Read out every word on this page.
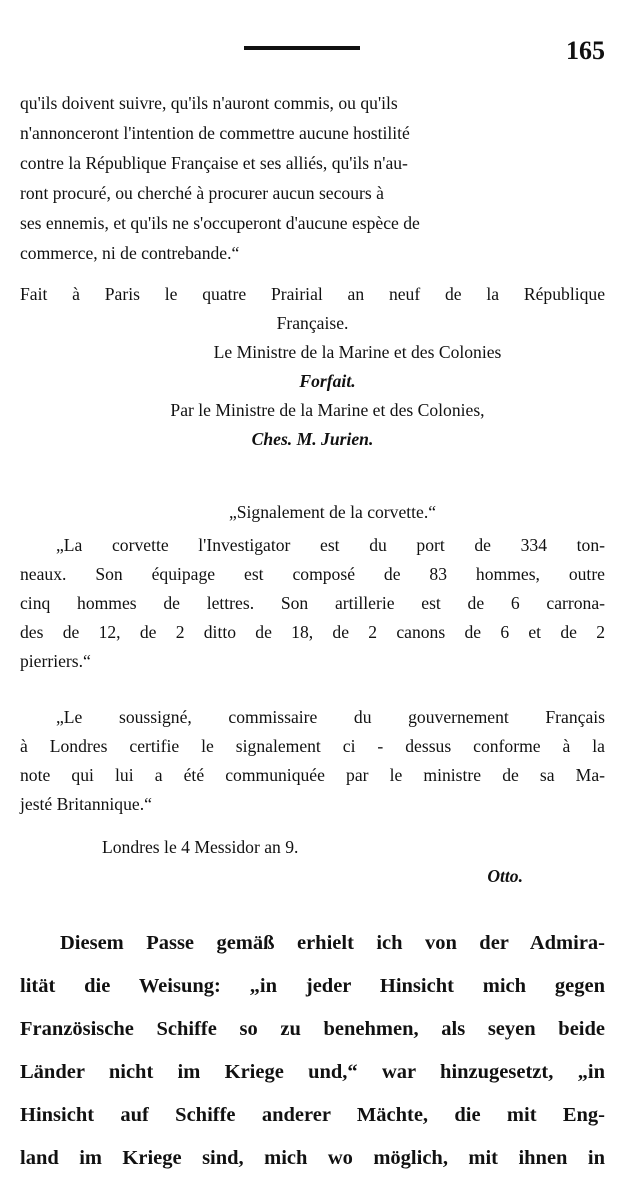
165

qu'ils doivent suivre, qu'ils n'auront commis, ou qu'ils

n'annonceront l'intention de commettre aucune hostilité

contre la République Française et ses alliés, qu'ils n'au-

ront procuré, ou cherché à procurer aucun secours à

ses ennemis, et qu'ils ne s'occuperont d'aucune espèce de

commerce, ni de contrebande.“

Fait à Paris le quatre Prairial an neuf de la République

Française.

Le Ministre de la Marine et des Colonies

Forfait.

Par le Ministre de la Marine et des Colonies,

Ches. M. Jurien.

„Signalement de la corvette.“

„La corvette l'Investigator est du port de 334 ton-

neaux. Son équipage est composé de 83 hommes, outre

cinq hommes de lettres. Son artillerie est de 6 carrona-

des de 12, de 2 ditto de 18, de 2 canons de 6 et de 2

pierriers.“

„Le soussigné, commissaire du gouvernement Français

à Londres certifie le signalement ci - dessus conforme à la

note qui lui a été communiquée par le ministre de sa Ma-

jesté Britannique.“

Londres le 4 Messidor an 9.

Otto.

Diesem Passe gemäß erhielt ich von der Admira-

lität die Weisung: „in jeder Hinsicht mich gegen

Französische Schiffe so zu benehmen, als seyen beide

Länder nicht im Kriege und,“ war hinzugesetzt, „in

Hinsicht auf Schiffe anderer Mächte, die mit Eng-

land im Kriege sind, mich wo möglich, mit ihnen in
